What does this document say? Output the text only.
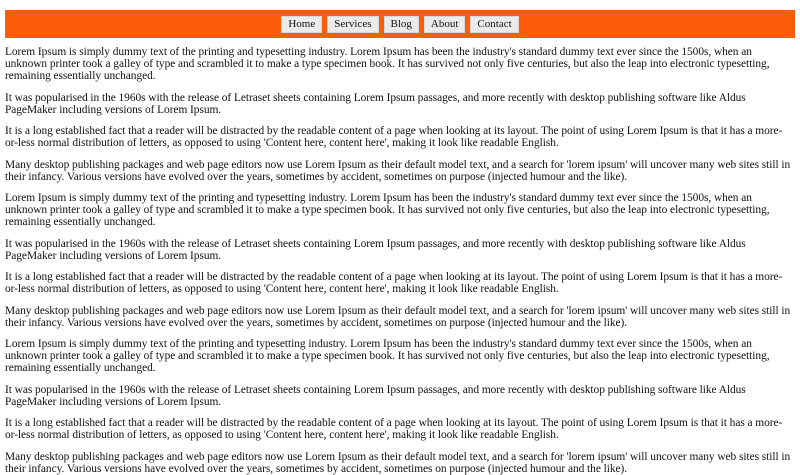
Home	Services	Blog	About	Contact

Lorem Ipsum is simply dummy text of the printing and typesetting industry. Lorem Ipsum has been the industry's standard dummy text ever since the 1500s, when an unknown printer took a galley of type and scrambled it to make a type specimen book. It has survived not only five centuries, but also the leap into electronic typesetting, remaining essentially unchanged.

It was popularised in the 1960s with the release of Letraset sheets containing Lorem Ipsum passages, and more recently with desktop publishing software like Aldus PageMaker including versions of Lorem Ipsum.

It is a long established fact that a reader will be distracted by the readable content of a page when looking at its layout. The point of using Lorem Ipsum is that it has a more-or-less normal distribution of letters, as opposed to using 'Content here, content here', making it look like readable English.

Many desktop publishing packages and web page editors now use Lorem Ipsum as their default model text, and a search for 'lorem ipsum' will uncover many web sites still in their infancy. Various versions have evolved over the years, sometimes by accident, sometimes on purpose (injected humour and the like).

Lorem Ipsum is simply dummy text of the printing and typesetting industry. Lorem Ipsum has been the industry's standard dummy text ever since the 1500s, when an unknown printer took a galley of type and scrambled it to make a type specimen book. It has survived not only five centuries, but also the leap into electronic typesetting, remaining essentially unchanged.

It was popularised in the 1960s with the release of Letraset sheets containing Lorem Ipsum passages, and more recently with desktop publishing software like Aldus PageMaker including versions of Lorem Ipsum.

It is a long established fact that a reader will be distracted by the readable content of a page when looking at its layout. The point of using Lorem Ipsum is that it has a more-or-less normal distribution of letters, as opposed to using 'Content here, content here', making it look like readable English.

Many desktop publishing packages and web page editors now use Lorem Ipsum as their default model text, and a search for 'lorem ipsum' will uncover many web sites still in their infancy. Various versions have evolved over the years, sometimes by accident, sometimes on purpose (injected humour and the like).

Lorem Ipsum is simply dummy text of the printing and typesetting industry. Lorem Ipsum has been the industry's standard dummy text ever since the 1500s, when an unknown printer took a galley of type and scrambled it to make a type specimen book. It has survived not only five centuries, but also the leap into electronic typesetting, remaining essentially unchanged.

It was popularised in the 1960s with the release of Letraset sheets containing Lorem Ipsum passages, and more recently with desktop publishing software like Aldus PageMaker including versions of Lorem Ipsum.

It is a long established fact that a reader will be distracted by the readable content of a page when looking at its layout. The point of using Lorem Ipsum is that it has a more-or-less normal distribution of letters, as opposed to using 'Content here, content here', making it look like readable English.

Many desktop publishing packages and web page editors now use Lorem Ipsum as their default model text, and a search for 'lorem ipsum' will uncover many web sites still in their infancy. Various versions have evolved over the years, sometimes by accident, sometimes on purpose (injected humour and the like).
